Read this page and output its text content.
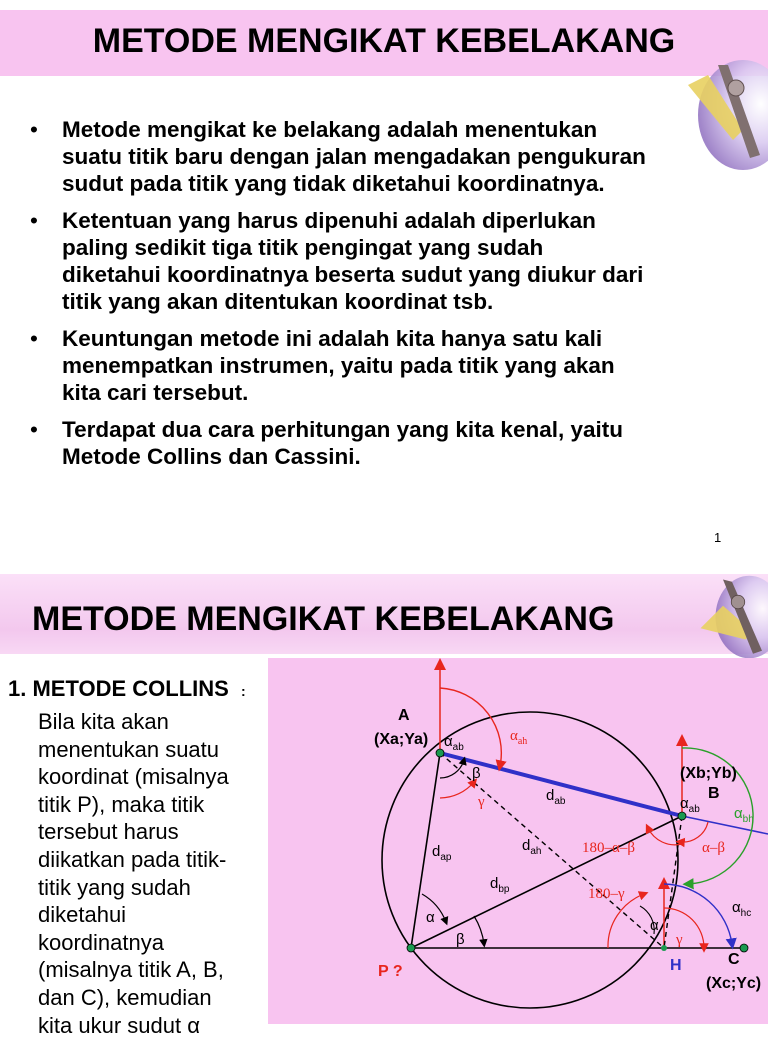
METODE MENGIKAT KEBELAKANG
• Metode mengikat ke belakang adalah menentukan
suatu titik baru dengan jalan mengadakan pengukuran
sudut pada titik yang tidak diketahui koordinatnya.
• Ketentuan yang harus dipenuhi adalah diperlukan
paling sedikit tiga titik pengingat yang sudah
diketahui koordinatnya beserta sudut yang diukur dari
titik yang akan ditentukan koordinat tsb.
• Keuntungan metode ini adalah kita hanya satu kali
menempatkan instrumen, yaitu pada titik yang akan
kita cari tersebut.
• Terdapat dua cara perhitungan yang kita kenal, yaitu
Metode Collins dan Cassini.
1
METODE MENGIKAT KEBELAKANG
1. METODE COLLINS :
Bila kita akan
menentukan suatu
koordinat (misalnya
titik P), maka titik
tersebut harus
diikatkan pada titik-
titik yang sudah
diketahui
koordinatnya
(misalnya titik A, B,
dan C), kemudian
kita ukur sudut α
A
(Xa;Ya)
(Xb;Yb)
B
C
(Xc;Yc)
P ?	H
$\alpha_{ab}$
$\alpha_{ab}$
$d_{ab}$
$d_{ah}$
$d_{ap}$
$d_{bp}$
β
α
β
α
$\alpha_{hc}$
$\alpha_{ah}$
γ
180–α–β	α–β
180–γ
γ
$\alpha_{bh}$
